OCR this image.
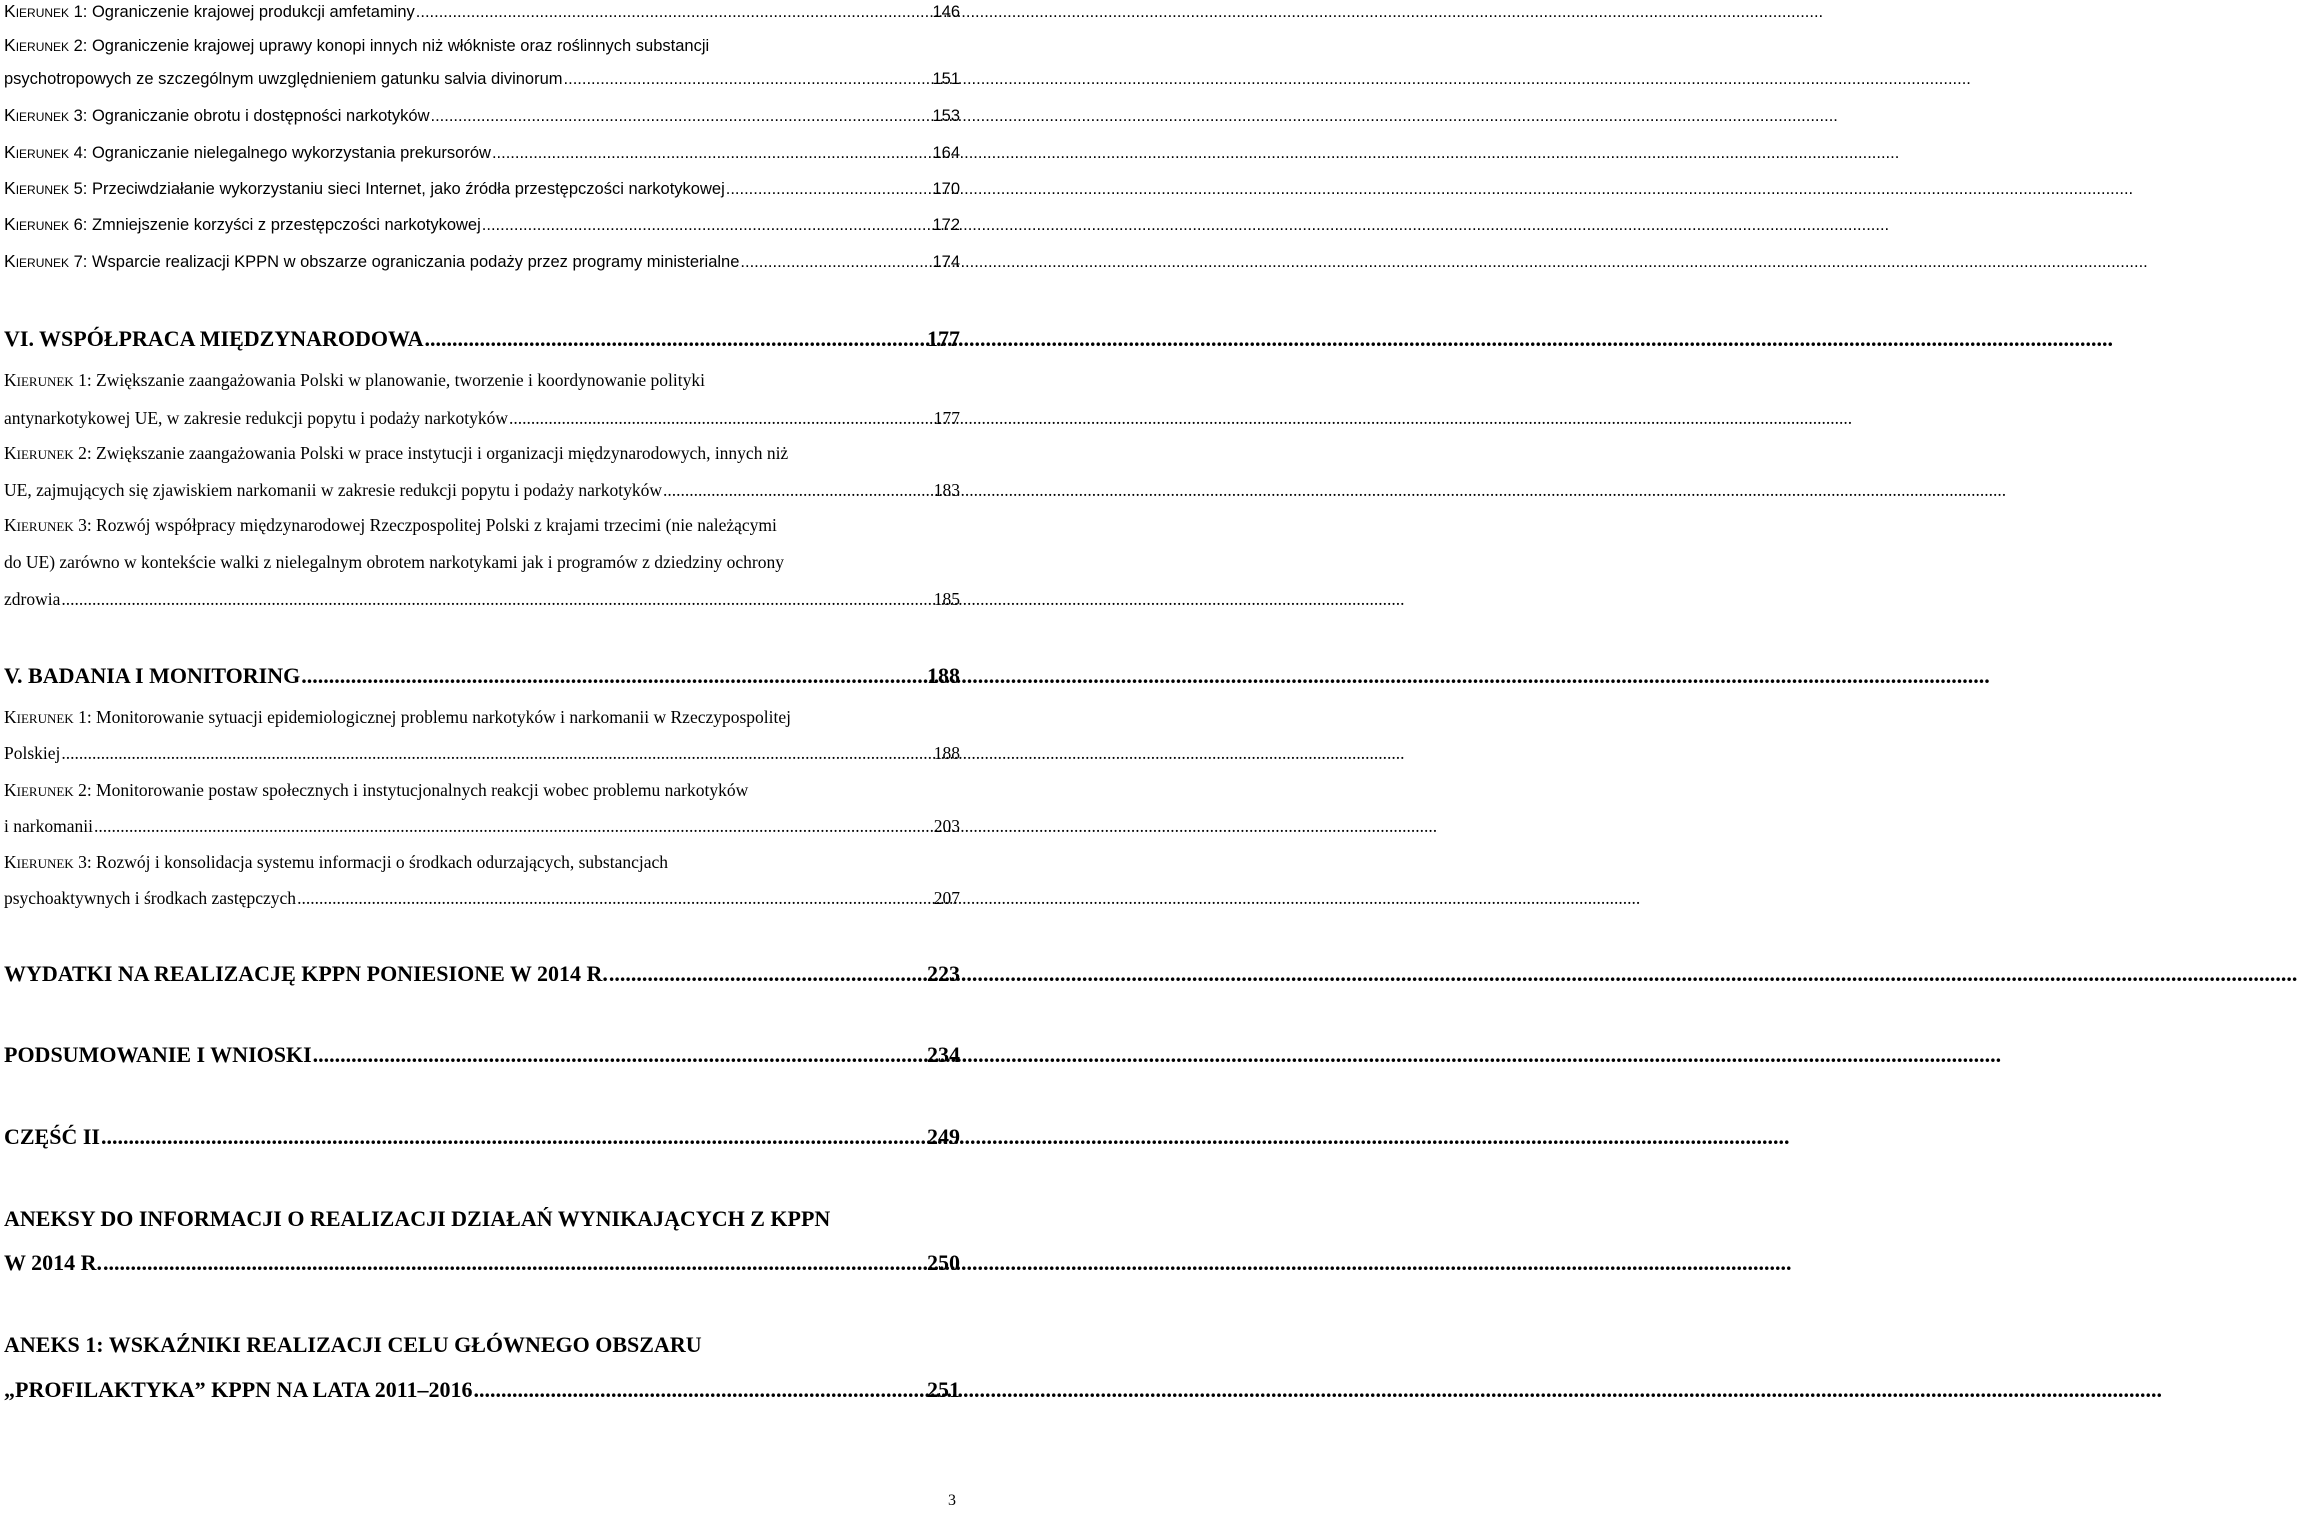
KIERUNEK 1: Ograniczenie krajowej produkcji amfetaminy .....	146
KIERUNEK 2: Ograniczenie krajowej uprawy konopi innych niż włókniste oraz roślinnych substancji
psychotropowych ze szczególnym uwzględnieniem gatunku salvia divinorum .....	151
KIERUNEK 3: Ograniczanie obrotu i dostępności narkotyków .....	153
KIERUNEK 4: Ograniczanie nielegalnego wykorzystania prekursorów .....	164
KIERUNEK 5: Przeciwdziałanie wykorzystaniu sieci Internet, jako źródła przestępczości narkotykowej .....	170
KIERUNEK 6: Zmniejszenie korzyści z przestępczości narkotykowej .....	172
KIERUNEK 7: Wsparcie realizacji KPPN w obszarze ograniczania podaży przez programy ministerialne .....	174
VI. WSPÓŁPRACA MIĘDZYNARODOWA .....	177
KIERUNEK 1: Zwiększanie zaangażowania Polski w planowanie, tworzenie i koordynowanie polityki
antynarkotykowej UE, w zakresie redukcji popytu i podaży narkotyków .....	177
KIERUNEK 2: Zwiększanie zaangażowania Polski w prace instytucji i organizacji międzynarodowych, innych niż
UE, zajmujących się zjawiskiem narkomanii w zakresie redukcji popytu i podaży narkotyków .....	183
KIERUNEK 3: Rozwój współpracy międzynarodowej Rzeczpospolitej Polski z krajami trzecimi (nie należącymi
do UE) zarówno w kontekście walki z nielegalnym obrotem narkotykami jak i programów z dziedziny ochrony
zdrowia .....	185
V. BADANIA I MONITORING .....	188
KIERUNEK 1: Monitorowanie sytuacji epidemiologicznej problemu narkotyków i narkomanii w Rzeczypospolitej
Polskiej .....	188
KIERUNEK 2: Monitorowanie postaw społecznych i instytucjonalnych reakcji wobec problemu narkotyków
i narkomanii .....	203
KIERUNEK 3: Rozwój i konsolidacja systemu informacji o środkach odurzających, substancjach
psychoaktywnych i środkach zastępczych .....	207
WYDATKI NA REALIZACJĘ KPPN PONIESIONE W 2014 R. .....	223
PODSUMOWANIE I WNIOSKI .....	234
CZĘŚĆ II .....	249
ANEKSY DO INFORMACJI O REALIZACJI DZIAŁAŃ WYNIKAJĄCYCH Z KPPN
W 2014 R. .....	250
ANEKS 1: WSKAŹNIKI REALIZACJI CELU GŁÓWNEGO OBSZARU
„PROFILAKTYKA” KPPN NA LATA 2011–2016 .....	251
3
